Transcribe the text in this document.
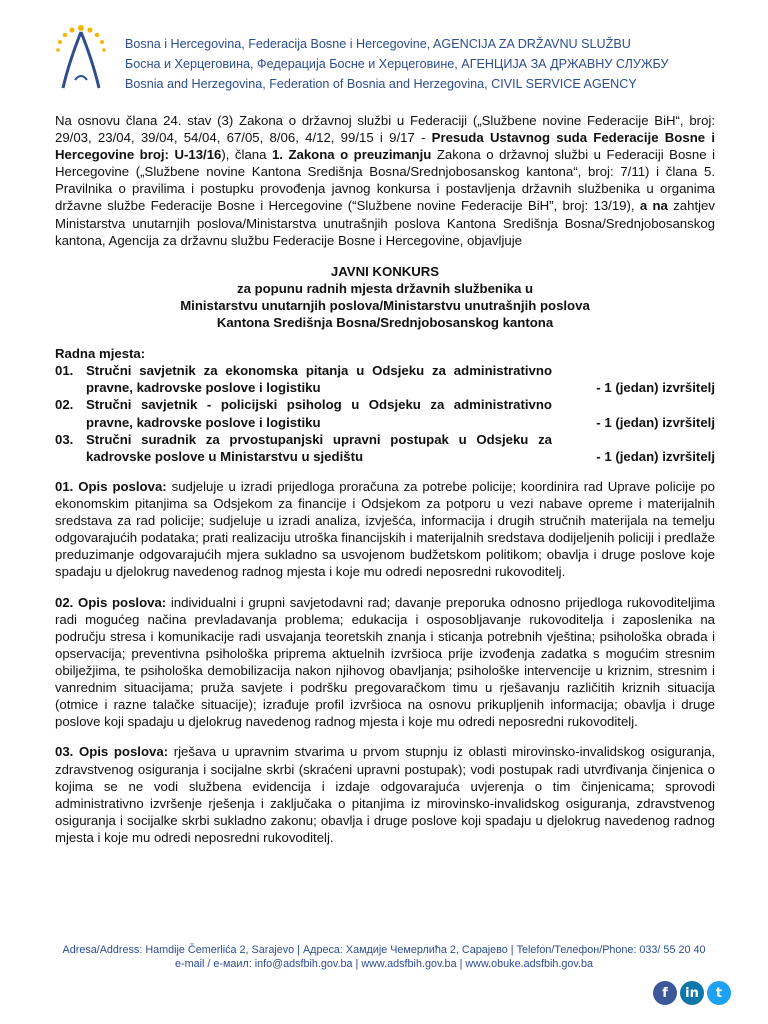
Bosna i Hercegovina, Federacija Bosne i Hercegovine, AGENCIJA ZA DRŽAVNU SLUŽBU
Босна и Херцеговина, Федерација Босне и Херцеговине, АГЕНЦИЈА ЗА ДРЖАВНУ СЛУЖБУ
Bosnia and Herzegovina, Federation of Bosnia and Herzegovina, CIVIL SERVICE AGENCY

Na osnovu člana 24. stav (3) Zakona o državnoj službi u Federaciji („Službene novine Federacije BiH“, broj: 29/03, 23/04, 39/04, 54/04, 67/05, 8/06, 4/12, 99/15 i 9/17 - Presuda Ustavnog suda Federacije Bosne i Hercegovine broj: U-13/16), člana 1. Zakona o preuzimanju Zakona o državnoj službi u Federaciji Bosne i Hercegovine („Službene novine Kantona Središnja Bosna/Srednjobosanskog kantona“, broj: 7/11) i člana 5. Pravilnika o pravilima i postupku provođenja javnog konkursa i postavljenja državnih službenika u organima državne službe Federacije Bosne i Hercegovine (“Službene novine Federacije BiH”, broj: 13/19), a na zahtjev Ministarstva unutarnjih poslova/Ministarstva unutrašnjih poslova Kantona Središnja Bosna/Srednjobosanskog kantona, Agencija za državnu službu Federacije Bosne i Hercegovine, objavljuje

JAVNI KONKURS
za popunu radnih mjesta državnih službenika u
Ministarstvu unutarnjih poslova/Ministarstvu unutrašnjih poslova
Kantona Središnja Bosna/Srednjobosanskog kantona
Radna mjesta:
01. Stručni savjetnik za ekonomska pitanja u Odsjeku za administrativno pravne, kadrovske poslove i logistiku	- 1 (jedan) izvršitelj
02. Stručni savjetnik - policijski psiholog u Odsjeku za administrativno pravne, kadrovske poslove i logistiku	- 1 (jedan) izvršitelj
03. Stručni suradnik za prvostupanjski upravni postupak u Odsjeku za kadrovske poslove u Ministarstvu u sjedištu	- 1 (jedan) izvršitelj

01. Opis poslova: sudjeluje u izradi prijedloga proračuna za potrebe policije; koordinira rad Uprave policije po ekonomskim pitanjima sa Odsjekom za financije i Odsjekom za potporu u vezi nabave opreme i materijalnih sredstava za rad policije; sudjeluje u izradi analiza, izvješća, informacija i drugih stručnih materijala na temelju odgovarajućih podataka; prati realizaciju utroška financijskih i materijalnih sredstava dodijeljenih policiji i predlaže preduzimanje odgovarajućih mjera sukladno sa usvojenom budžetskom politikom; obavlja i druge poslove koje spadaju u djelokrug navedenog radnog mjesta i koje mu odredi neposredni rukovoditelj.

02. Opis poslova: individualni i grupni savjetodavni rad; davanje preporuka odnosno prijedloga rukovoditeljima radi mogućeg načina prevladavanja problema; edukacija i osposobljavanje rukovoditelja i zaposlenika na području stresa i komunikacije radi usvajanja teoretskih znanja i sticanja potrebnih vještina; psihološka obrada i opservacija; preventivna psihološka priprema aktuelnih izvršioca prije izvođenja zadatka s mogućim stresnim obilježjima, te psihološka demobilizacija nakon njihovog obavljanja; psihološke intervencije u kriznim, stresnim i vanrednim situacijama; pruža savjete i podršku pregovaračkom timu u rješavanju različitih kriznih situacija (otmice i razne talačke situacije); izrađuje profil izvršioca na osnovu prikupljenih informacija; obavlja i druge poslove koji spadaju u djelokrug navedenog radnog mjesta i koje mu odredi neposredni rukovoditelj.

03. Opis poslova: rješava u upravnim stvarima u prvom stupnju iz oblasti mirovinsko-invalidskog osiguranja, zdravstvenog osiguranja i socijalne skrbi (skraćeni upravni postupak); vodi postupak radi utvrđivanja činjenica o kojima se ne vodi službena evidencija i izdaje odgovarajuća uvjerenja o tim činjenicama; sprovodi administrativno izvršenje rješenja i zaključaka o pitanjima iz mirovinsko-invalidskog osiguranja, zdravstvenog osiguranja i socijalke skrbi sukladno zakonu; obavlja i druge poslove koji spadaju u djelokrug navedenog radnog mjesta i koje mu odredi neposredni rukovoditelj.

Adresa/Address: Hamdije Čemerlića 2, Sarajevo | Адреса: Хамдије Чемерлића 2, Сарајево | Telefon/Телефон/Phone: 033/ 55 20 40
e-mail / е-маил: info@adsfbih.gov.ba | www.adsfbih.gov.ba | www.obuke.adsfbih.gov.ba
f	in	t
